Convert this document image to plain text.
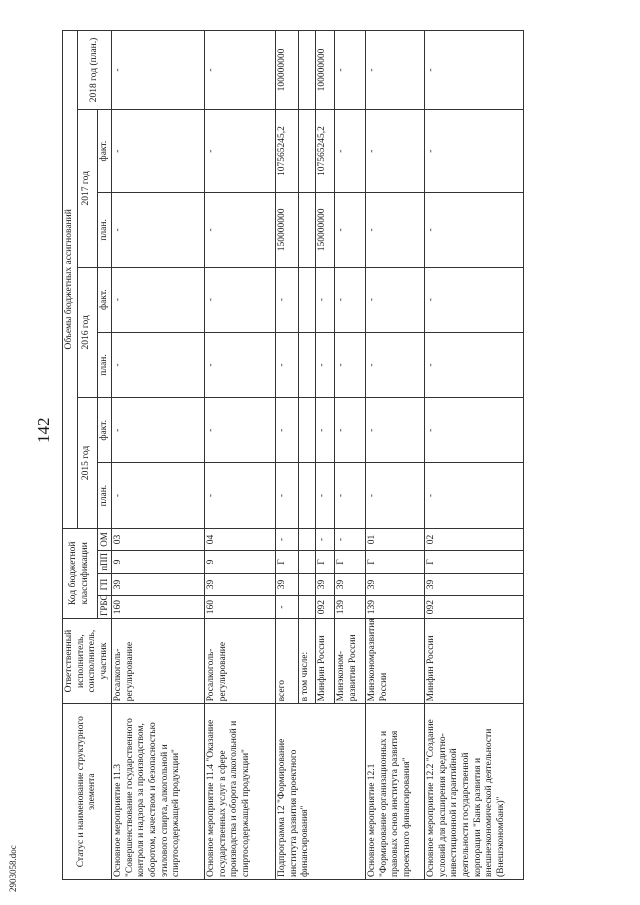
142
2903058.doc
Статус и наименование структурного элемента	Ответственный исполнитель, соисполнитель, участник	Код бюджетной классификации				Объемы бюджетных ассигнований						
						2015 год		2016 год		2017 год		2018 год (план.)
		ГРБС	ГП	пПП	ОМ	план.	факт.	план.	факт.	план.	факт.	
Основное мероприятие 11.3 "Совершенствование государственного контроля и надзора за производством, оборотом, качеством и безопасностью этилового спирта, алкогольной и спиртосодержащей продукции"	Росалкоголь-регулирование	160	39	9	03	-	-	-	-	-	-	-
Основное мероприятие 11.4 "Оказание государственных услуг в сфере производства и оборота алкогольной и спиртосодержащей продукции"	Росалкоголь-регулирование	160	39	9	04	-	-	-	-	-	-	-
Подпрограмма 12 "Формирование института развития проектного финансирования"	всего	-	39	Г	-	-	-	-	-	150000000	107565245,2	100000000
	в том числе:											
	Минфин России	092	39	Г	-	-	-	-	-	150000000	107565245,2	100000000
	Минэконом-развития России	139	39	Г	-	-	-	-	-	-	-	-
Основное мероприятие 12.1 "Формирование организационных и правовых основ института развития проектного финансирования"	Минэкономразвития России	139	39	Г	01	-	-	-	-	-	-	-
Основное мероприятие 12.2 "Создание условий для расширения кредитно-инвестиционной и гарантийной деятельности государственной корпорации "Банк развития и внешнеэкономической деятельности (Внешэкономбанк)"	Минфин России	092	39	Г	02	-	-	-	-	-	-	-
